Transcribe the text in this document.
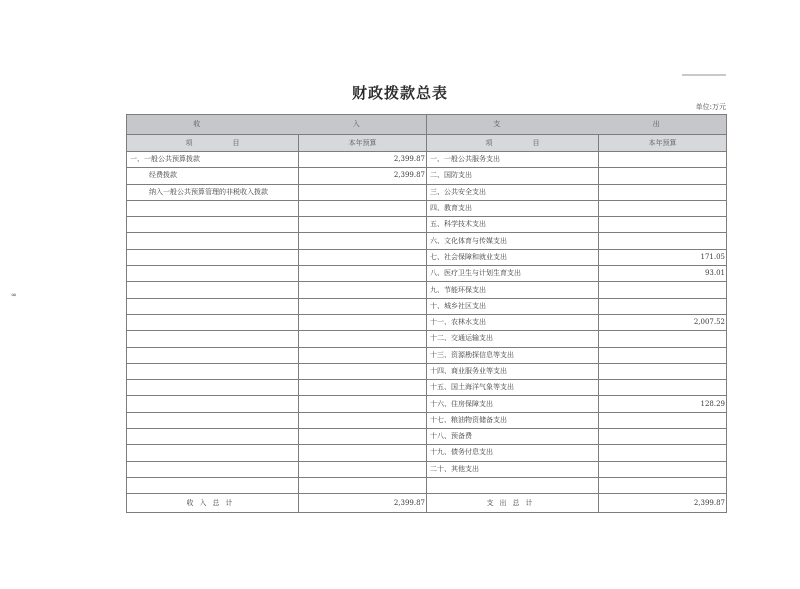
∞
财政拨款总表
单位:万元
收 入		支 出	
项 目	本年预算	项 目	本年预算
一、一般公共预算拨款	2,399.87	一、一般公共服务支出	
经费拨款	2,399.87	二、国防支出	
纳入一般公共预算管理的非税收入拨款		三、公共安全支出	
		四、教育支出	
		五、科学技术支出	
		六、文化体育与传媒支出	
		七、社会保障和就业支出	171.05
		八、医疗卫生与计划生育支出	93.01
		九、节能环保支出	
		十、城乡社区支出	
		十一、农林水支出	2,007.52
		十二、交通运输支出	
		十三、资源勘探信息等支出	
		十四、商业服务业等支出	
		十五、国土海洋气象等支出	
		十六、住房保障支出	128.29
		十七、粮油物资储备支出	
		十八、预备费	
		十九、债务付息支出	
		二十、其他支出	

收入总计	2,399.87	支出总计	2,399.87
